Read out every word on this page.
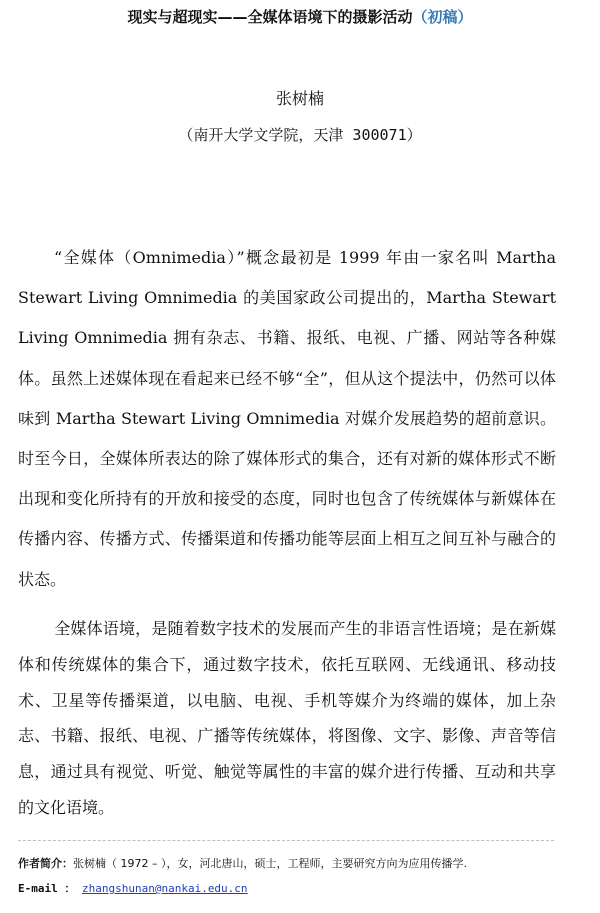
现实与超现实——全媒体语境下的摄影活动（初稿）
张树楠
（南开大学文学院，天津 300071）

“全媒体（Omnimedia）”概念最初是 1999 年由一家名叫 Martha Stewart Living Omnimedia 的美国家政公司提出的，Martha Stewart Living Omnimedia 拥有杂志、书籍、报纸、电视、广播、网站等各种媒体。虽然上述媒体现在看起来已经不够“全”，但从这个提法中，仍然可以体味到 Martha Stewart Living Omnimedia 对媒介发展趋势的超前意识。时至今日，全媒体所表达的除了媒体形式的集合，还有对新的媒体形式不断出现和变化所持有的开放和接受的态度，同时也包含了传统媒体与新媒体在传播内容、传播方式、传播渠道和传播功能等层面上相互之间互补与融合的状态。

全媒体语境，是随着数字技术的发展而产生的非语言性语境；是在新媒体和传统媒体的集合下，通过数字技术，依托互联网、无线通讯、移动技术、卫星等传播渠道，以电脑、电视、手机等媒介为终端的媒体，加上杂志、书籍、报纸、电视、广播等传统媒体，将图像、文字、影像、声音等信息，通过具有视觉、听觉、触觉等属性的丰富的媒介进行传播、互动和共享的文化语境。

作者简介：张树楠（ 1972 – ），女，河北唐山，硕士，工程师，主要研究方向为应用传播学.
E-mail ： zhangshunan@nankai.edu.cn
